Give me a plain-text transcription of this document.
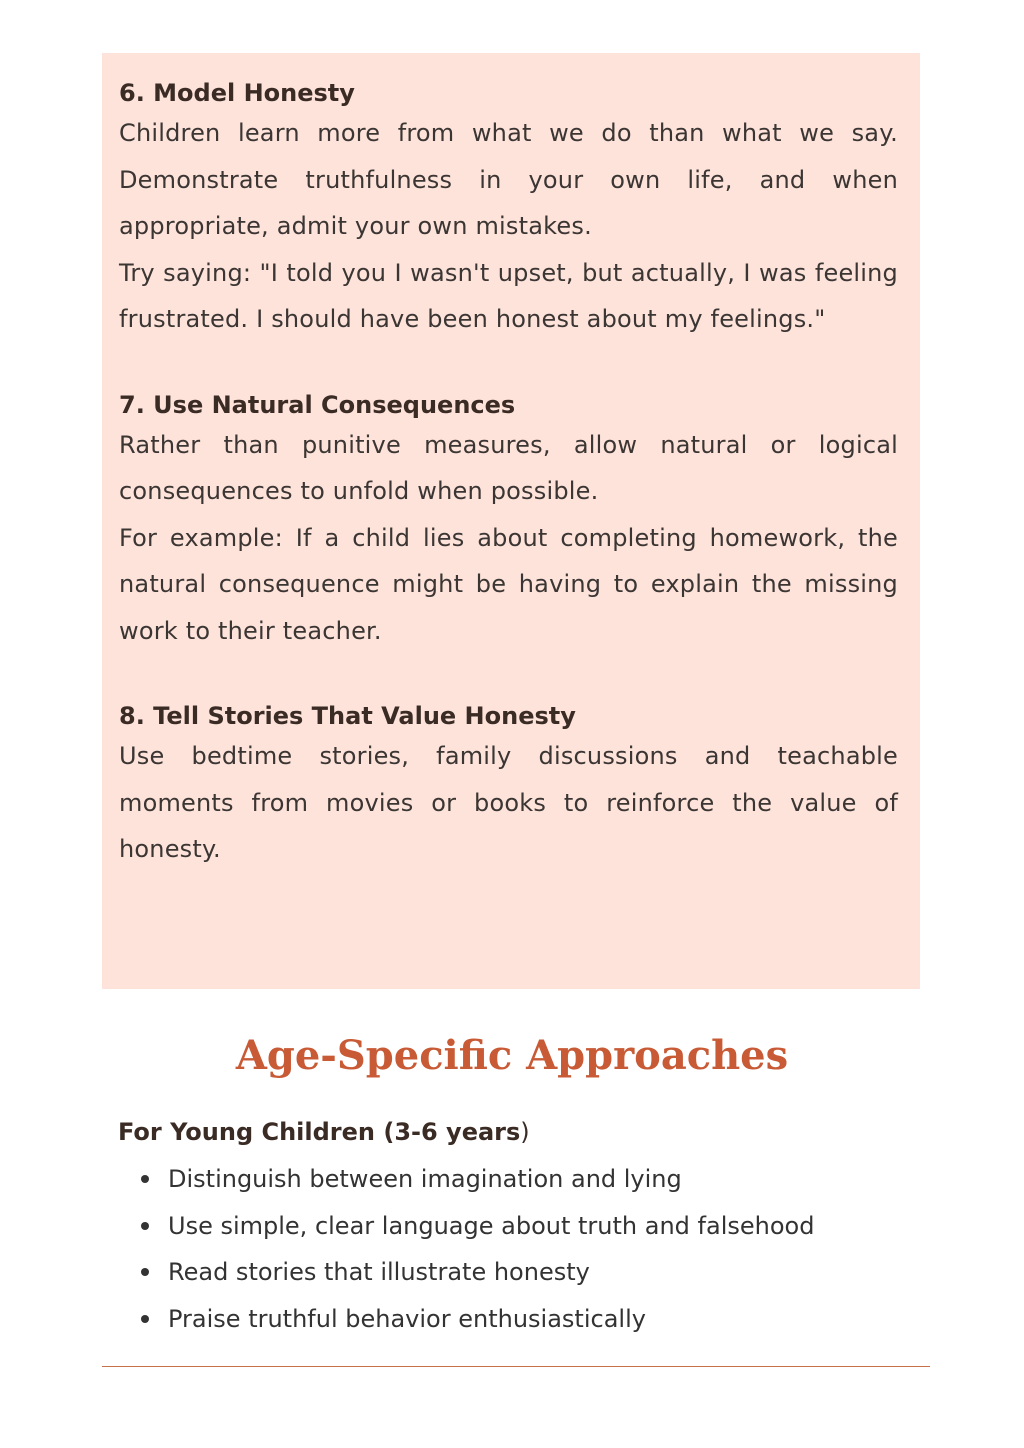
6. Model Honesty

Children learn more from what we do than what we say. Demonstrate truthfulness in your own life, and when appropriate, admit your own mistakes.

Try saying: "I told you I wasn't upset, but actually, I was feeling frustrated. I should have been honest about my feelings."

7. Use Natural Consequences

Rather than punitive measures, allow natural or logical consequences to unfold when possible.

For example: If a child lies about completing homework, the natural consequence might be having to explain the missing work to their teacher.

8. Tell Stories That Value Honesty

Use bedtime stories, family discussions and teachable moments from movies or books to reinforce the value of honesty.

Age-Specific Approaches

For Young Children (3-6 years)

Distinguish between imagination and lying
Use simple, clear language about truth and falsehood
Read stories that illustrate honesty
Praise truthful behavior enthusiastically
